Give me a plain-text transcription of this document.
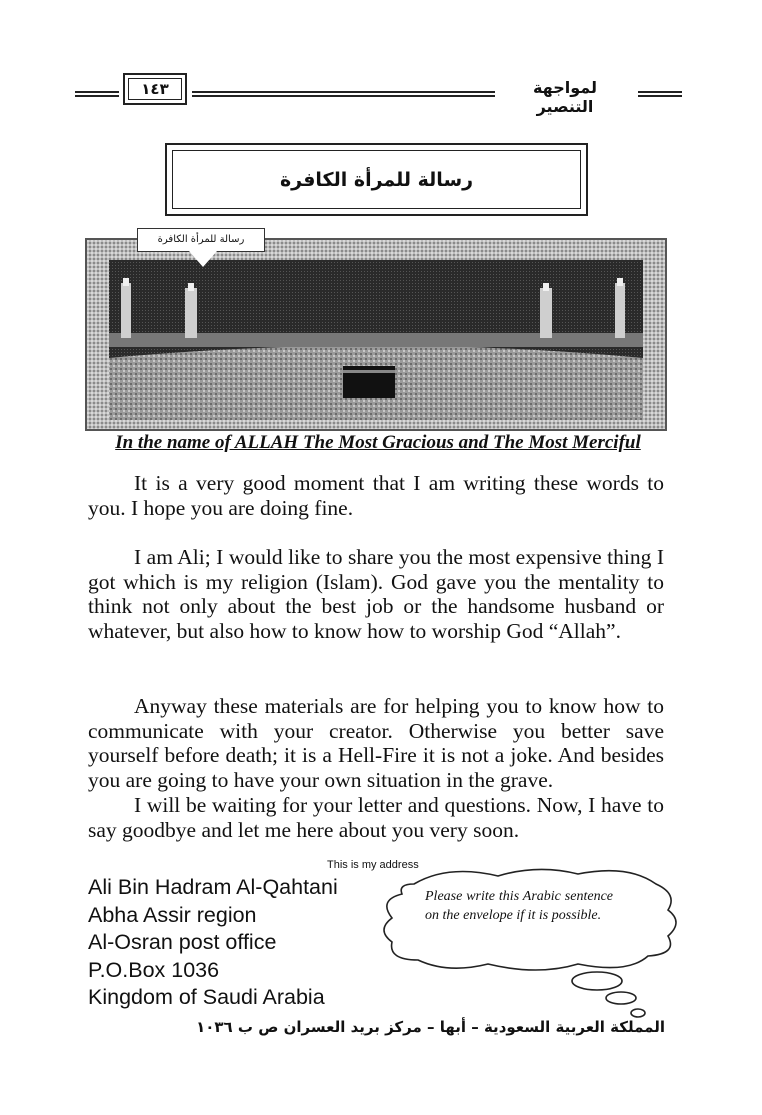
١٤٣	لمواجهة التنصير
رسالة للمرأة الكافرة
رسالة للمرأة الكافرة
In the name of ALLAH The Most Gracious and The Most Merciful
It is a very good moment that I am writing these words to you. I hope you are doing fine.
I am Ali; I would like to share you the most expensive thing I got which is my religion (Islam). God gave you the mentality to think not only about the best job or the handsome husband or whatever, but also how to know how to worship God “Allah”.
Anyway these materials are for helping you to know how to communicate with your creator. Otherwise you better save yourself before death; it is a Hell-Fire it is not a joke. And besides you are going to have your own situation in the grave.
I will be waiting for your letter and questions. Now, I have to say goodbye and let me here about you very soon.
This is my address
Ali Bin Hadram Al-Qahtani
Abha Assir region
Al-Osran post office
P.O.Box 1036
Kingdom of Saudi Arabia
Please write this Arabic sentence on the envelope if it is possible.
المملكة العربية السعودية – أبها – مركز بريد العسران ص ب ١٠٣٦
